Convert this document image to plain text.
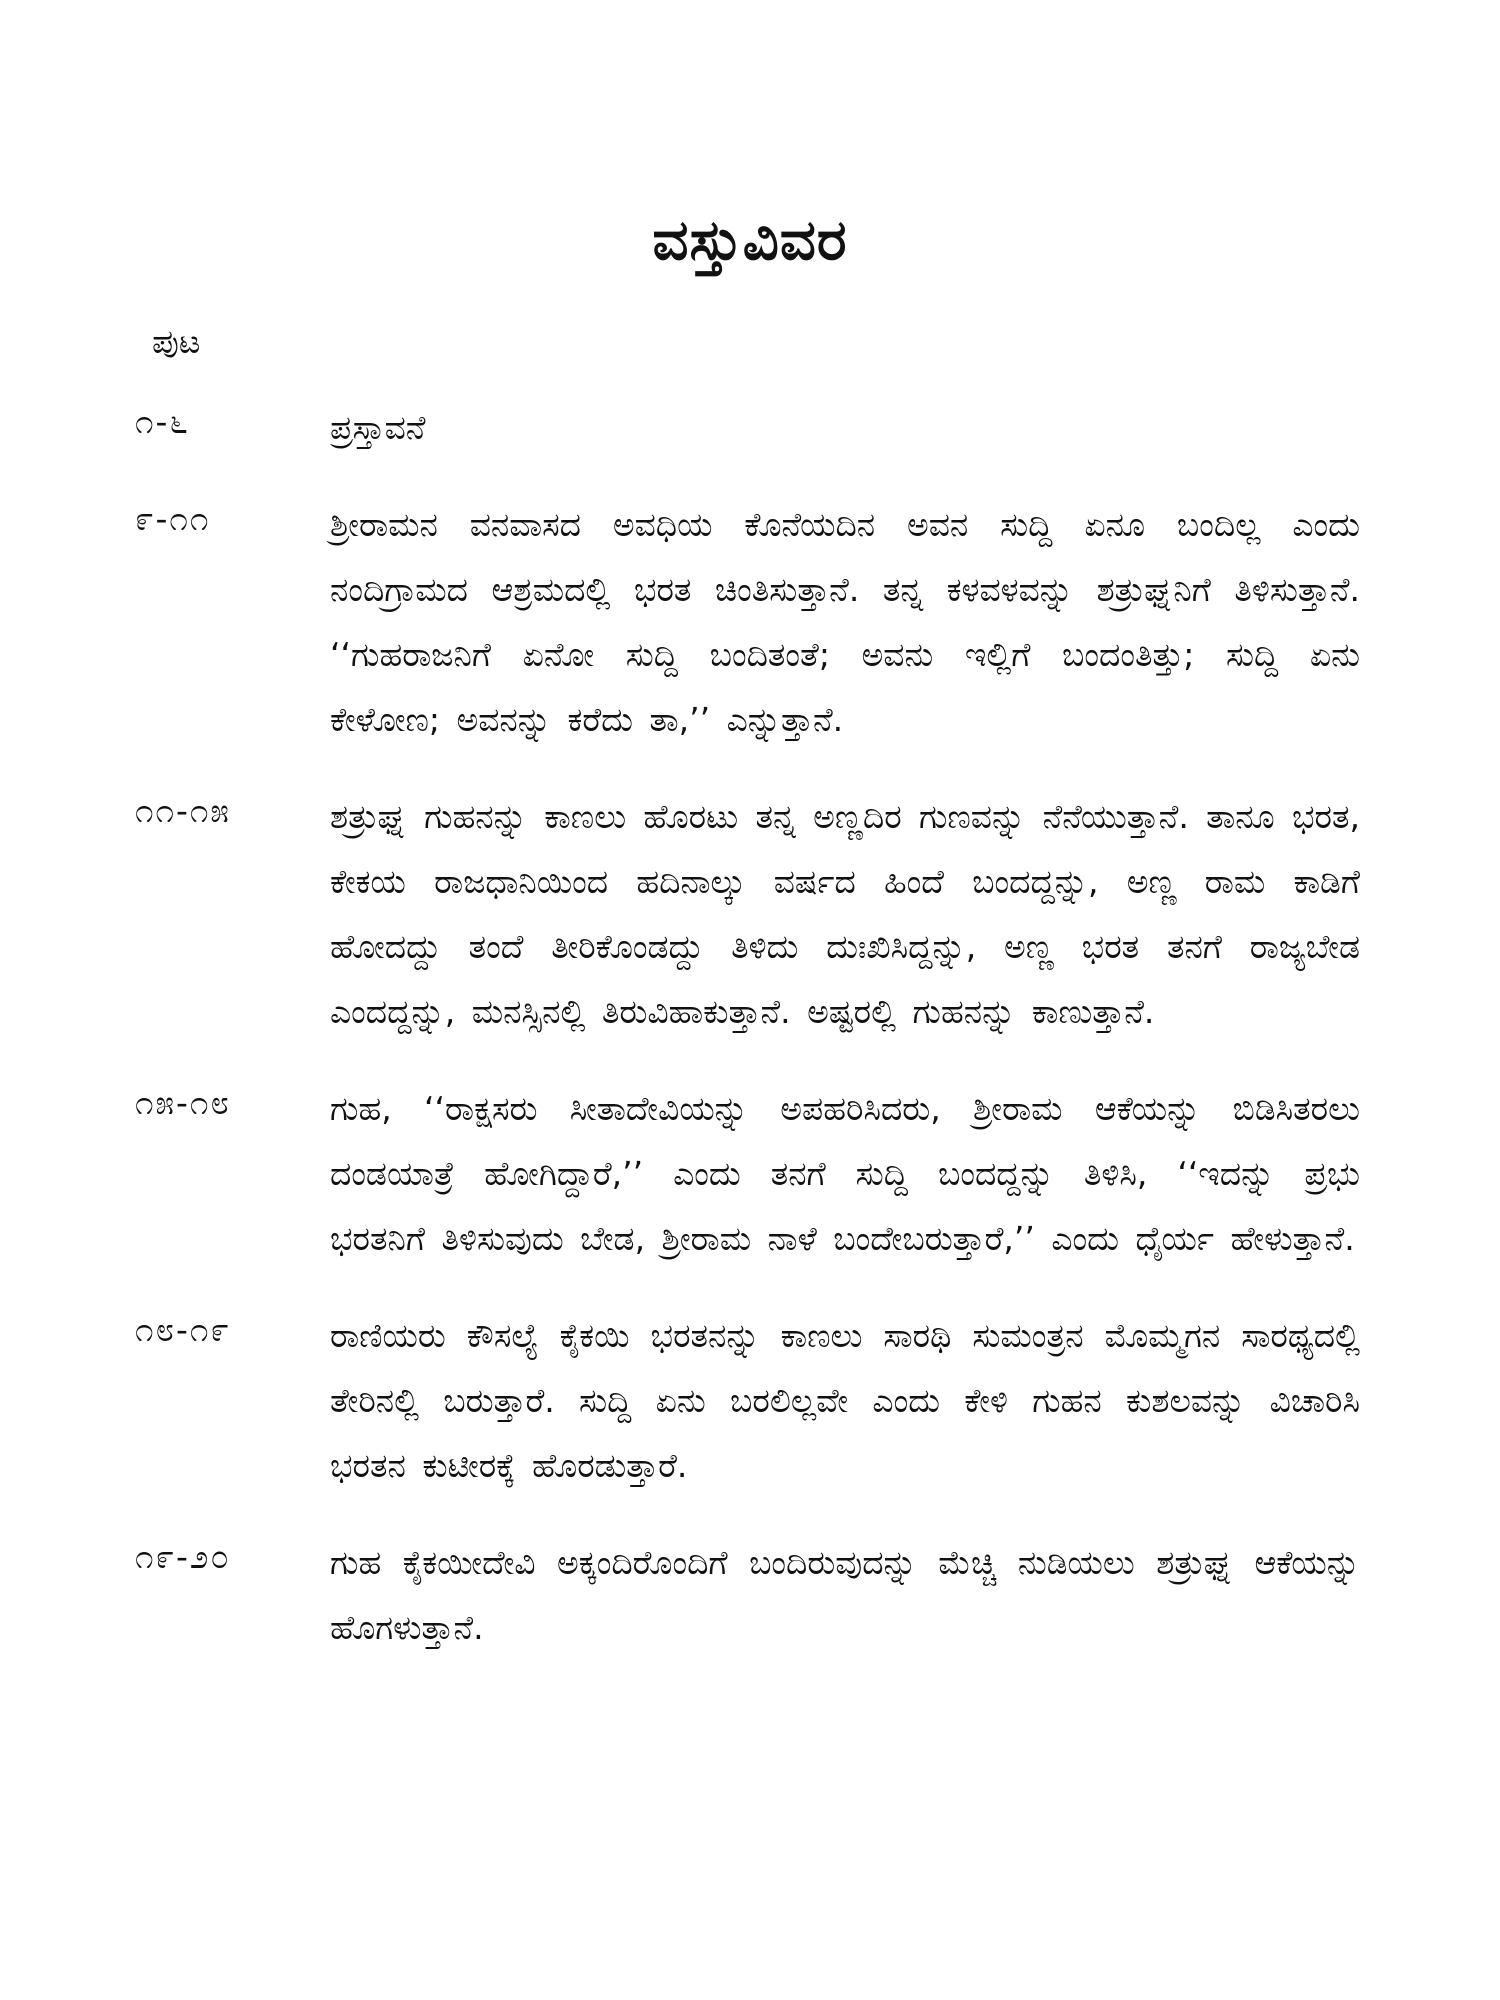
ವಸ್ತುವಿವರ

ಪುಟ

೧-೬	ಪ್ರಸ್ತಾವನೆ
೯-೧೧	ಶ್ರೀರಾಮನ ವನವಾಸದ ಅವಧಿಯ ಕೊನೆಯದಿನ ಅವನ ಸುದ್ದಿ ಏನೂ ಬಂದಿಲ್ಲ ಎಂದು ನಂದಿಗ್ರಾಮದ ಆಶ್ರಮದಲ್ಲಿ ಭರತ ಚಿಂತಿಸುತ್ತಾನೆ. ತನ್ನ ಕಳವಳವನ್ನು ಶತ್ರುಘ್ನನಿಗೆ ತಿಳಿಸುತ್ತಾನೆ. ‘‘ಗುಹರಾಜನಿಗೆ ಏನೋ ಸುದ್ದಿ ಬಂದಿತಂತೆ; ಅವನು ಇಲ್ಲಿಗೆ ಬಂದಂತಿತ್ತು; ಸುದ್ದಿ ಏನು ಕೇಳೋಣ; ಅವನನ್ನು ಕರೆದು ತಾ,’’ ಎನ್ನುತ್ತಾನೆ.
೧೧-೧೫	ಶತ್ರುಘ್ನ ಗುಹನನ್ನು ಕಾಣಲು ಹೊರಟು ತನ್ನ ಅಣ್ಣದಿರ ಗುಣವನ್ನು ನೆನೆಯುತ್ತಾನೆ. ತಾನೂ ಭರತ, ಕೇಕಯ ರಾಜಧಾನಿಯಿಂದ ಹದಿನಾಲ್ಕು ವರ್ಷದ ಹಿಂದೆ ಬಂದದ್ದನ್ನು, ಅಣ್ಣ ರಾಮ ಕಾಡಿಗೆ ಹೋದದ್ದು ತಂದೆ ತೀರಿಕೊಂಡದ್ದು ತಿಳಿದು ದುಃಖಿಸಿದ್ದನ್ನು, ಅಣ್ಣ ಭರತ ತನಗೆ ರಾಜ್ಯಬೇಡ ಎಂದದ್ದನ್ನು, ಮನಸ್ಸಿನಲ್ಲಿ ತಿರುವಿಹಾಕುತ್ತಾನೆ. ಅಷ್ಟರಲ್ಲಿ ಗುಹನನ್ನು ಕಾಣುತ್ತಾನೆ.
೧೫-೧೮	ಗುಹ, ‘‘ರಾಕ್ಷಸರು ಸೀತಾದೇವಿಯನ್ನು ಅಪಹರಿಸಿದರು, ಶ್ರೀರಾಮ ಆಕೆಯನ್ನು ಬಿಡಿಸಿತರಲು ದಂಡಯಾತ್ರೆ ಹೋಗಿದ್ದಾರೆ,’’ ಎಂದು ತನಗೆ ಸುದ್ದಿ ಬಂದದ್ದನ್ನು ತಿಳಿಸಿ, ‘‘ಇದನ್ನು ಪ್ರಭು ಭರತನಿಗೆ ತಿಳಿಸುವುದು ಬೇಡ, ಶ್ರೀರಾಮ ನಾಳೆ ಬಂದೇಬರುತ್ತಾರೆ,’’ ಎಂದು ಧೈರ್ಯ ಹೇಳುತ್ತಾನೆ.
೧೮-೧೯	ರಾಣಿಯರು ಕೌಸಲ್ಯೆ ಕೈಕಯಿ ಭರತನನ್ನು ಕಾಣಲು ಸಾರಥಿ ಸುಮಂತ್ರನ ಮೊಮ್ಮಗನ ಸಾರಥ್ಯದಲ್ಲಿ ತೇರಿನಲ್ಲಿ ಬರುತ್ತಾರೆ. ಸುದ್ದಿ ಏನು ಬರಲಿಲ್ಲವೇ ಎಂದು ಕೇಳಿ ಗುಹನ ಕುಶಲವನ್ನು ವಿಚಾರಿಸಿ ಭರತನ ಕುಟೀರಕ್ಕೆ ಹೊರಡುತ್ತಾರೆ.
೧೯-೨೦	ಗುಹ ಕೈಕಯೀದೇವಿ ಅಕ್ಕಂದಿರೊಂದಿಗೆ ಬಂದಿರುವುದನ್ನು ಮೆಚ್ಚಿ ನುಡಿಯಲು ಶತ್ರುಘ್ನ ಆಕೆಯನ್ನು ಹೊಗಳುತ್ತಾನೆ.
